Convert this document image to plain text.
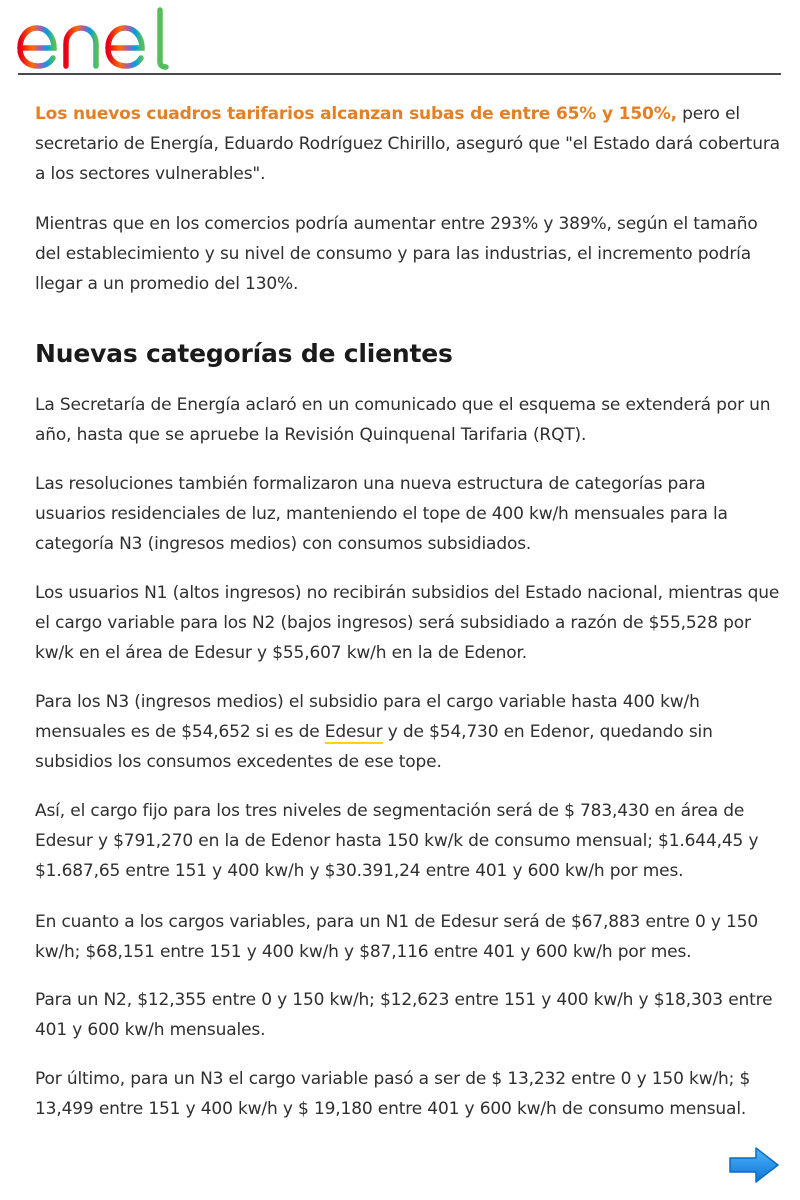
Los nuevos cuadros tarifarios alcanzan subas de entre 65% y 150%, pero el secretario de Energía, Eduardo Rodríguez Chirillo, aseguró que "el Estado dará cobertura a los sectores vulnerables".

Mientras que en los comercios podría aumentar entre 293% y 389%, según el tamaño del establecimiento y su nivel de consumo y para las industrias, el incremento podría llegar a un promedio del 130%.

Nuevas categorías de clientes

La Secretaría de Energía aclaró en un comunicado que el esquema se extenderá por un año, hasta que se apruebe la Revisión Quinquenal Tarifaria (RQT).

Las resoluciones también formalizaron una nueva estructura de categorías para usuarios residenciales de luz, manteniendo el tope de 400 kw/h mensuales para la categoría N3 (ingresos medios) con consumos subsidiados.

Los usuarios N1 (altos ingresos) no recibirán subsidios del Estado nacional, mientras que el cargo variable para los N2 (bajos ingresos) será subsidiado a razón de $55,528 por kw/k en el área de Edesur y $55,607 kw/h en la de Edenor.

Para los N3 (ingresos medios) el subsidio para el cargo variable hasta 400 kw/h mensuales es de $54,652 si es de Edesur y de $54,730 en Edenor, quedando sin subsidios los consumos excedentes de ese tope.

Así, el cargo fijo para los tres niveles de segmentación será de $ 783,430 en área de Edesur y $791,270 en la de Edenor hasta 150 kw/k de consumo mensual; $1.644,45 y $1.687,65 entre 151 y 400 kw/h y $30.391,24 entre 401 y 600 kw/h por mes.

En cuanto a los cargos variables, para un N1 de Edesur será de $67,883 entre 0 y 150 kw/h; $68,151 entre 151 y 400 kw/h y $87,116 entre 401 y 600 kw/h por mes.

Para un N2, $12,355 entre 0 y 150 kw/h; $12,623 entre 151 y 400 kw/h y $18,303 entre 401 y 600 kw/h mensuales.

Por último, para un N3 el cargo variable pasó a ser de $ 13,232 entre 0 y 150 kw/h; $ 13,499 entre 151 y 400 kw/h y $ 19,180 entre 401 y 600 kw/h de consumo mensual.
